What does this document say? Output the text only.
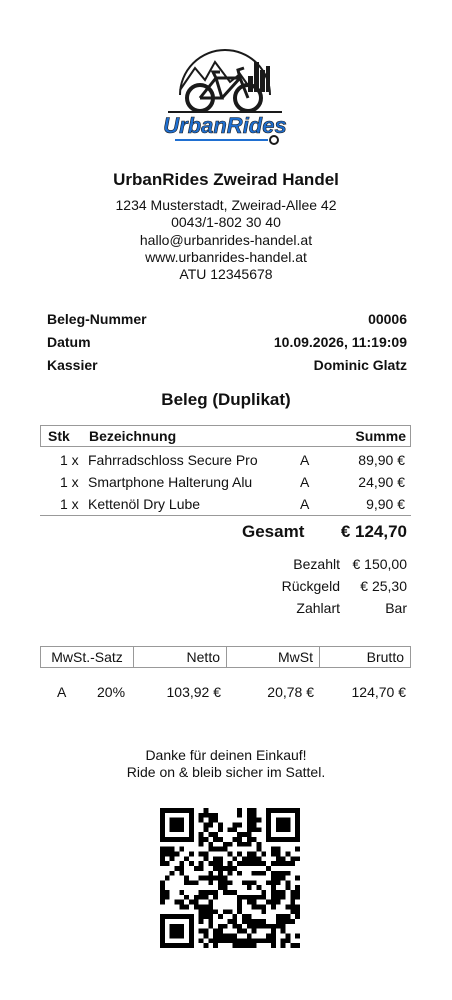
UrbanRides
UrbanRides Zweirad Handel
1234 Musterstadt, Zweirad-Allee 42
0043/1-802 30 40
hallo@urbanrides-handel.at
www.urbanrides-handel.at
ATU 12345678
Beleg-Nummer	00006
Datum	10.09.2026, 11:19:09
Kassier	Dominic Glatz
Beleg (Duplikat)
Stk Bezeichnung	Summe
1 x Fahrradschloss Secure Pro	A	89,90 €
1 x Smartphone Halterung Alu	A	24,90 €
1 x Kettenöl Dry Lube	A	9,90 €
Gesamt € 124,70
Bezahlt € 150,00
Rückgeld € 25,30
Zahlart	Bar
MwSt.-Satz	Netto	MwSt	Brutto
A 20%	103,92 €	20,78 €	124,70 €
Danke für deinen Einkauf!
Ride on & bleib sicher im Sattel.
